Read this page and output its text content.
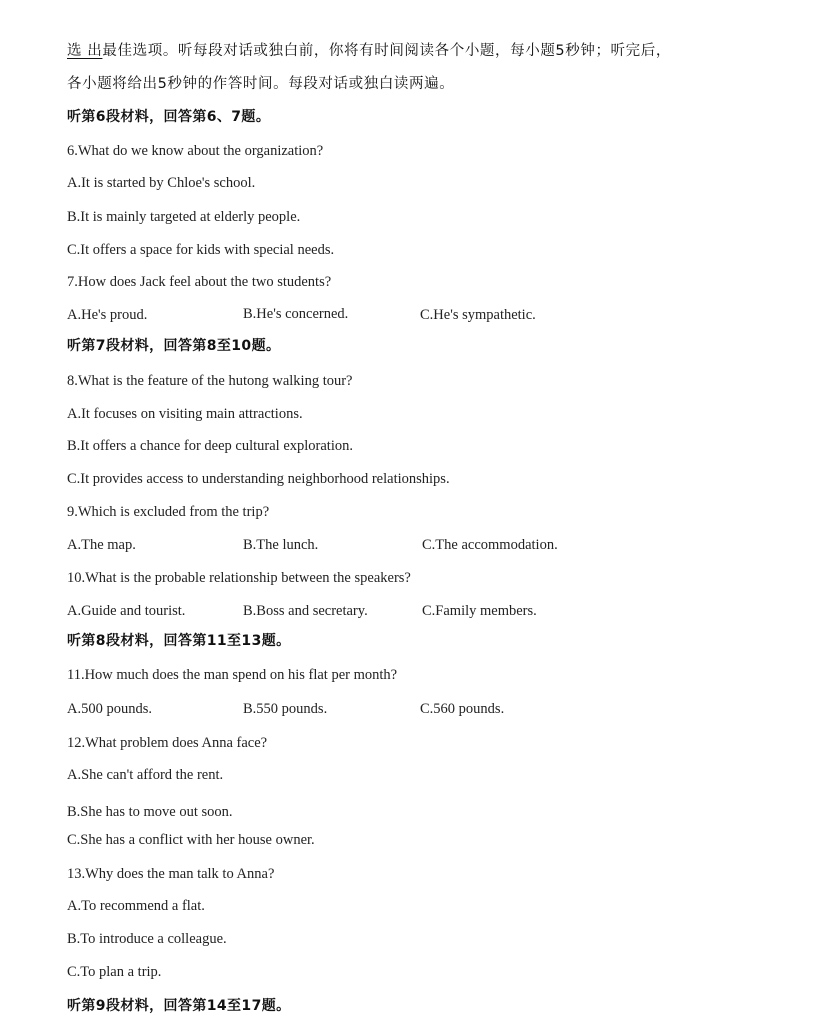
选 出最佳选项。听每段对话或独白前，你将有时间阅读各个小题，每小题5秒钟；听完后，
各小题将给出5秒钟的作答时间。每段对话或独白读两遍。
听第6段材料，回答第6、7题。
6.What do we know about the organization?
A.It is started by Chloe's school.
B.It is mainly targeted at elderly people.
C.It offers a space for kids with special needs.
7.How does Jack feel about the two students?
A.He's proud.	B.He's concerned.	C.He's sympathetic.
听第7段材料，回答第8至10题。
8.What is the feature of the hutong walking tour?
A.It focuses on visiting main attractions.
B.It offers a chance for deep cultural exploration.
C.It provides access to understanding neighborhood relationships.
9.Which is excluded from the trip?
A.The map.	B.The lunch.	C.The accommodation.
10.What is the probable relationship between the speakers?
A.Guide and tourist.	B.Boss and secretary.	C.Family members.
听第8段材料，回答第11至13题。
11.How much does the man spend on his flat per month?
A.500 pounds.	B.550 pounds.	C.560 pounds.
12.What problem does Anna face?
A.She can't afford the rent.
B.She has to move out soon.
C.She has a conflict with her house owner.
13.Why does the man talk to Anna?
A.To recommend a flat.
B.To introduce a colleague.
C.To plan a trip.
听第9段材料，回答第14至17题。
